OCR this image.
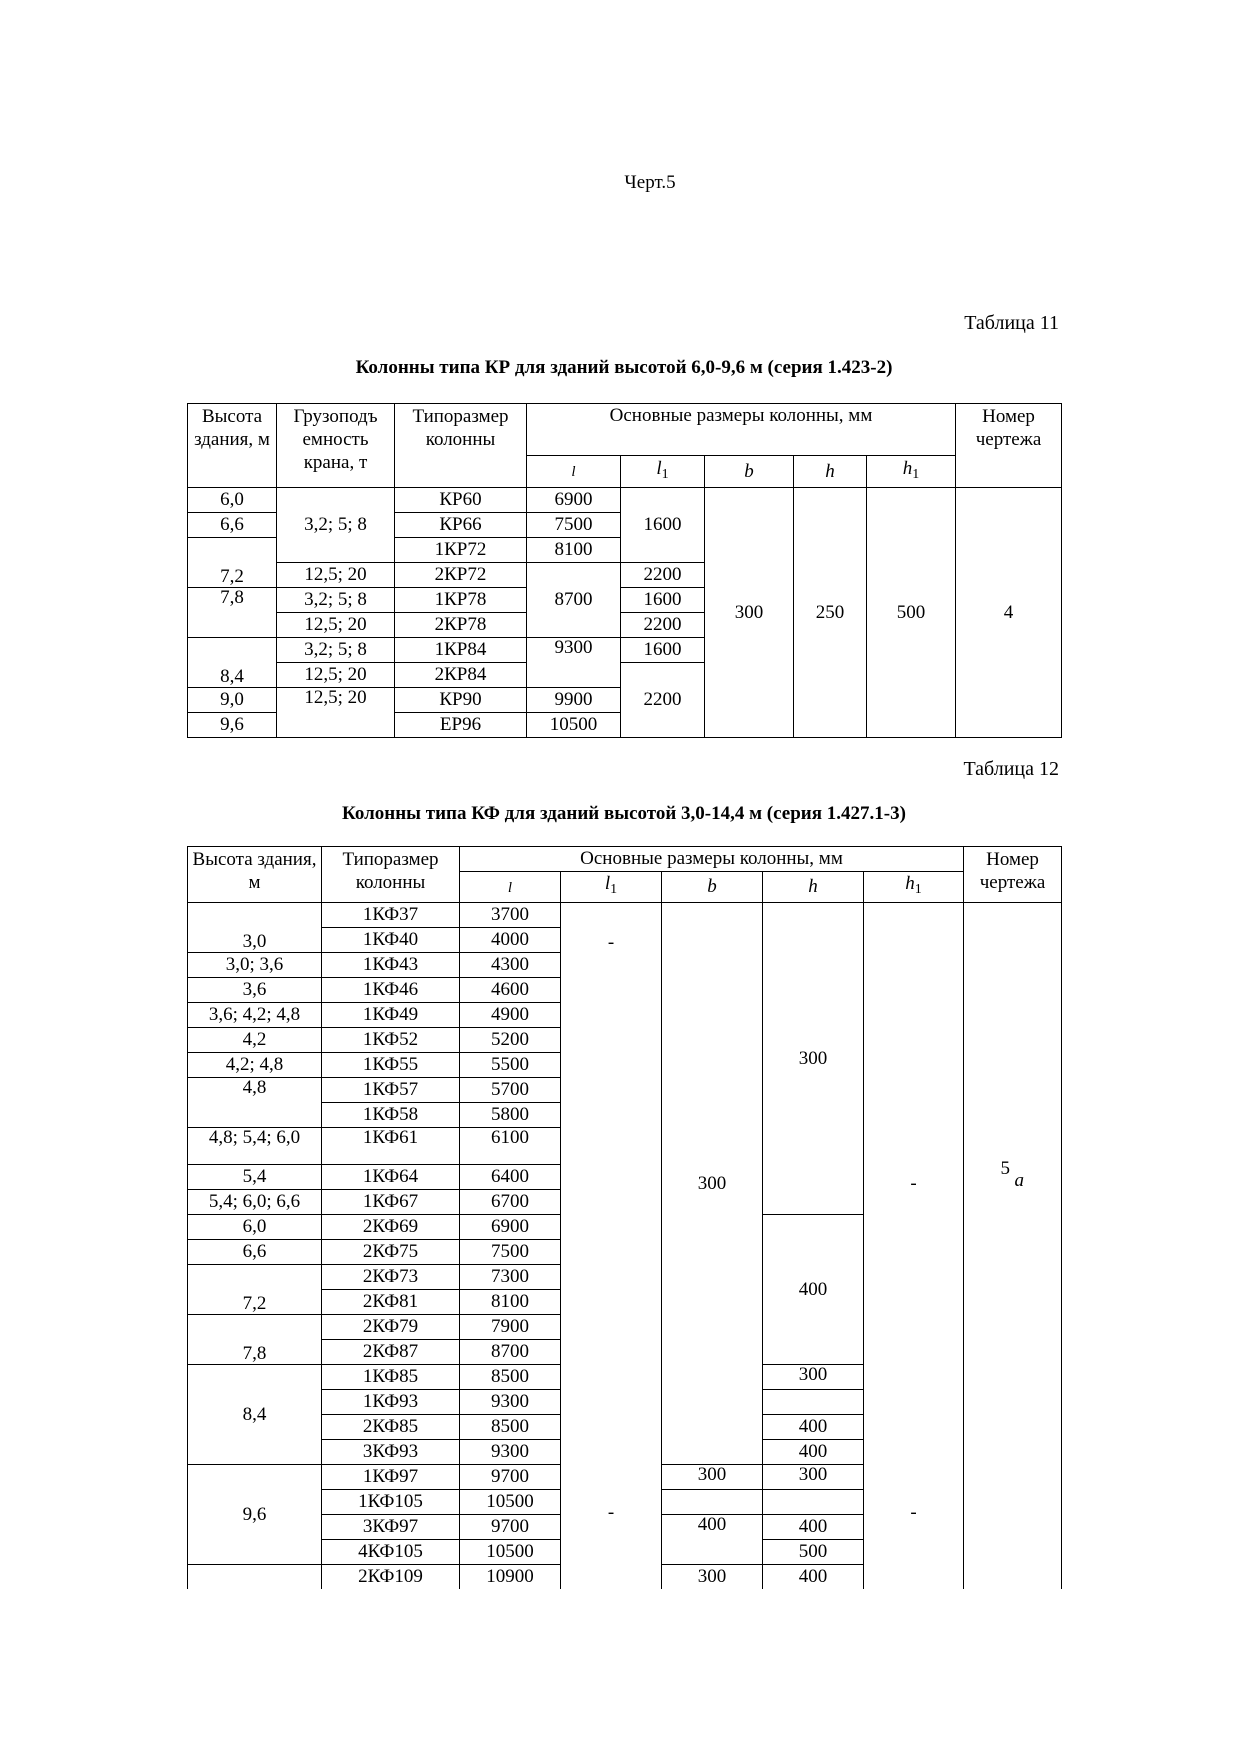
Черт.5
Таблица 11
Колонны типа КР для зданий высотой 6,0-9,6 м (серия 1.423-2)
Высота здания, м	Грузоподъ емность крана, т	Типоразмер колонны	Основные размеры колонны, мм					Номер чертежа
			l	$l_1$	b	h	$h_1$
6,0	3,2; 5; 8	КР60	6900	1600	300	250	500	4
6,6		КР66	7500					
7,2		1КР72	8100					
	12,5; 20	2КР72	8700	2200				
7,8	3,2; 5; 8	1КР78		1600				
	12,5; 20	2КР78		2200				
8,4	3,2; 5; 8	1КР84	9300	1600				
	12,5; 20	2КР84		2200				
9,0	12,5; 20	КР90	9900					
9,6		ЕР96	10500					
Таблица 12
Колонны типа КФ для зданий высотой 3,0-14,4 м (серия 1.427.1-3)
Высота здания, м	Типоразмер колонны	Основные размеры колонны, мм					Номер чертежа	
		l	$l_1$	b	h	$h_1$
3,0	1КФ37	3700	-	300	300	-	5
а	

	1КФ40	4000						
3,0; 3,6	1КФ43	4300						
3,6	1КФ46	4600						
3,6; 4,2; 4,8	1КФ49	4900						
4,2	1КФ52	5200						
4,2; 4,8	1КФ55	5500						
4,8	1КФ57	5700						
	1КФ58	5800						
4,8; 5,4; 6,0	1КФ61	6100						
5,4	1КФ64	6400						
5,4; 6,0; 6,6	1КФ67	6700						
6,0	2КФ69	6900			400			
6,6	2КФ75	7500						
7,2	2КФ73	7300						
	2КФ81	8100						
7,8	2КФ79	7900						
	2КФ87	8700						
8,4	1КФ85	8500			300			
	1КФ93	9300						
	2КФ85	8500			400			
	3КФ93	9300			400			
9,6	1КФ97	9700	-	300	300	-		
	1КФ105	10500						
	3КФ97	9700		400	400			
	4КФ105	10500			500			
	2КФ109	10900		300	400			
